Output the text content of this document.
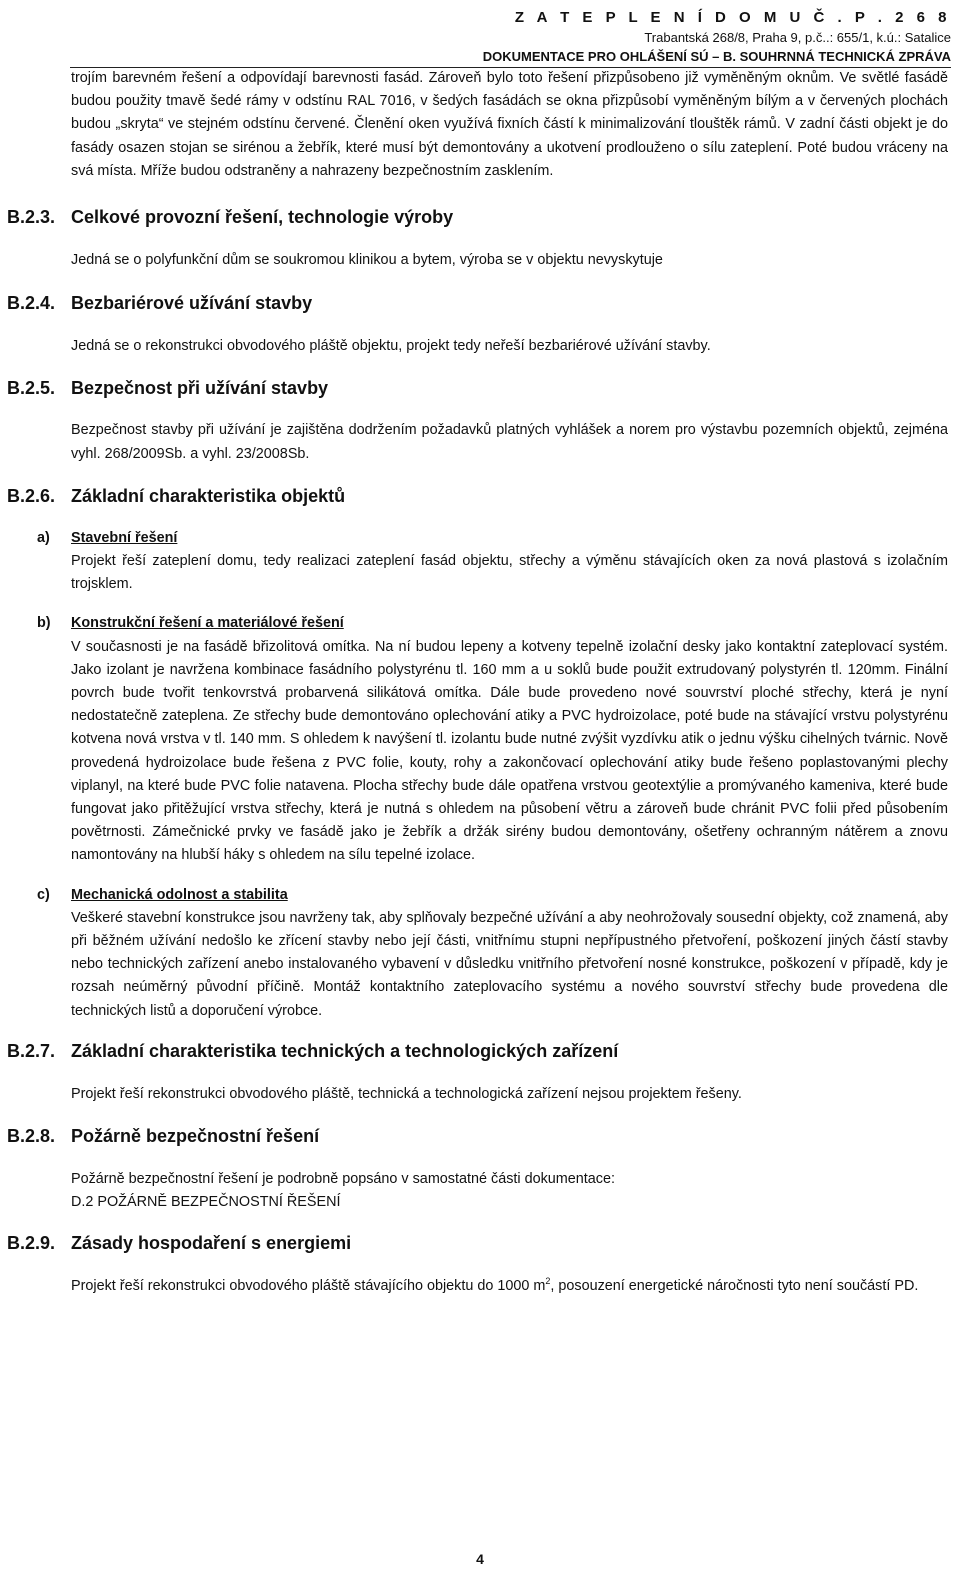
Z A T E P L E N Í D O M U Č . P . 2 6 8
Trabantská 268/8, Praha 9, p.č..: 655/1, k.ú.: Satalice
DOKUMENTACE PRO OHLÁŠENÍ SÚ – B. SOUHRNNÁ TECHNICKÁ ZPRÁVA

trojím barevném řešení a odpovídají barevnosti fasád. Zároveň bylo toto řešení přizpůsobeno již vyměněným oknům. Ve světlé fasádě budou použity tmavě šedé rámy v odstínu RAL 7016, v šedých fasádách se okna přizpůsobí vyměněným bílým a v červených plochách budou „skryta“ ve stejném odstínu červené. Členění oken využívá fixních částí k minimalizování tlouštěk rámů. V zadní části objekt je do fasády osazen stojan se sirénou a žebřík, které musí být demontovány a ukotvení prodlouženo o sílu zateplení. Poté budou vráceny na svá místa. Mříže budou odstraněny a nahrazeny bezpečnostním zasklením.

B.2.3. Celkové provozní řešení, technologie výroby

Jedná se o polyfunkční dům se soukromou klinikou a bytem, výroba se v objektu nevyskytuje

B.2.4. Bezbariérové užívání stavby

Jedná se o rekonstrukci obvodového pláště objektu, projekt tedy neřeší bezbariérové užívání stavby.

B.2.5. Bezpečnost při užívání stavby

Bezpečnost stavby při užívání je zajištěna dodržením požadavků platných vyhlášek a norem pro výstavbu pozemních objektů, zejména vyhl. 268/2009Sb. a vyhl. 23/2008Sb.

B.2.6. Základní charakteristika objektů
a) Stavební řešení

Projekt řeší zateplení domu, tedy realizaci zateplení fasád objektu, střechy a výměnu stávajících oken za nová plastová s izolačním trojsklem.

b) Konstrukční řešení a materiálové řešení

V současnosti je na fasádě břizolitová omítka. Na ní budou lepeny a kotveny tepelně izolační desky jako kontaktní zateplovací systém. Jako izolant je navržena kombinace fasádního polystyrénu tl. 160 mm a u soklů bude použit extrudovaný polystyrén tl. 120mm. Finální povrch bude tvořit tenkovrstvá probarvená silikátová omítka. Dále bude provedeno nové souvrství ploché střechy, která je nyní nedostatečně zateplena. Ze střechy bude demontováno oplechování atiky a PVC hydroizolace, poté bude na stávající vrstvu polystyrénu kotvena nová vrstva v tl. 140 mm. S ohledem k navýšení tl. izolantu bude nutné zvýšit vyzdívku atik o jednu výšku cihelných tvárnic. Nově provedená hydroizolace bude řešena z PVC folie, kouty, rohy a zakončovací oplechování atiky bude řešeno poplastovanými plechy viplanyl, na které bude PVC folie natavena. Plocha střechy bude dále opatřena vrstvou geotextýlie a promývaného kameniva, které bude fungovat jako přitěžující vrstva střechy, která je nutná s ohledem na působení větru a zároveň bude chránit PVC folii před působením povětrnosti. Zámečnické prvky ve fasádě jako je žebřík a držák sirény budou demontovány, ošetřeny ochranným nátěrem a znovu namontovány na hlubší háky s ohledem na sílu tepelné izolace.

c) Mechanická odolnost a stabilita

Veškeré stavební konstrukce jsou navrženy tak, aby splňovaly bezpečné užívání a aby neohrožovaly sousední objekty, což znamená, aby při běžném užívání nedošlo ke zřícení stavby nebo její části, vnitřnímu stupni nepřípustného přetvoření, poškození jiných částí stavby nebo technických zařízení anebo instalovaného vybavení v důsledku vnitřního přetvoření nosné konstrukce, poškození v případě, kdy je rozsah neúměrný původní příčině. Montáž kontaktního zateplovacího systému a nového souvrství střechy bude provedena dle technických listů a doporučení výrobce.

B.2.7. Základní charakteristika technických a technologických zařízení

Projekt řeší rekonstrukci obvodového pláště, technická a technologická zařízení nejsou projektem řešeny.

B.2.8. Požárně bezpečnostní řešení

Požárně bezpečnostní řešení je podrobně popsáno v samostatné části dokumentace:

D.2 POŽÁRNĚ BEZPEČNOSTNÍ ŘEŠENÍ

B.2.9. Zásady hospodaření s energiemi

Projekt řeší rekonstrukci obvodového pláště stávajícího objektu do 1000 $m^2$, posouzení energetické náročnosti tyto není součástí PD.

4
